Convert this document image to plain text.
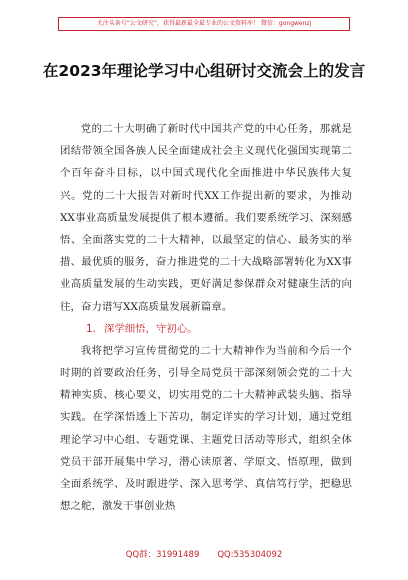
关注头条号“公文研究”，获得最新最全最专业的公文资料库！ 微信：gongwenzj
在2023年理论学习中心组研讨交流会上的发言

党的二十大明确了新时代中国共产党的中心任务，那就是团结带领全国各族人民全面建成社会主义现代化强国实现第二个百年奋斗目标，以中国式现代化全面推进中华民族伟大复兴。党的二十大报告对新时代XX工作提出新的要求，为推动XX事业高质量发展提供了根本遵循。我们要系统学习、深刻感悟、全面落实党的二十大精神，以最坚定的信心、最务实的举措、最优质的服务，奋力推进党的二十大战略部署转化为XX事业高质量发展的生动实践，更好满足参保群众对健康生活的向往，奋力谱写XX高质量发展新篇章。

1. 深学细悟，守初心。

我将把学习宣传贯彻党的二十大精神作为当前和今后一个时期的首要政治任务，引导全局党员干部深刻领会党的二十大精神实质、核心要义，切实用党的二十大精神武装头脑、指导实践。在学深悟透上下苦功，制定详实的学习计划，通过党组理论学习中心组、专题党课、主题党日活动等形式，组织全体党员干部开展集中学习，潜心读原著、学原文、悟原理，做到全面系统学、及时跟进学、深入思考学、真信笃行学，把稳思想之舵，激发干事创业热

QQ群：31991489 QQ:535304092
